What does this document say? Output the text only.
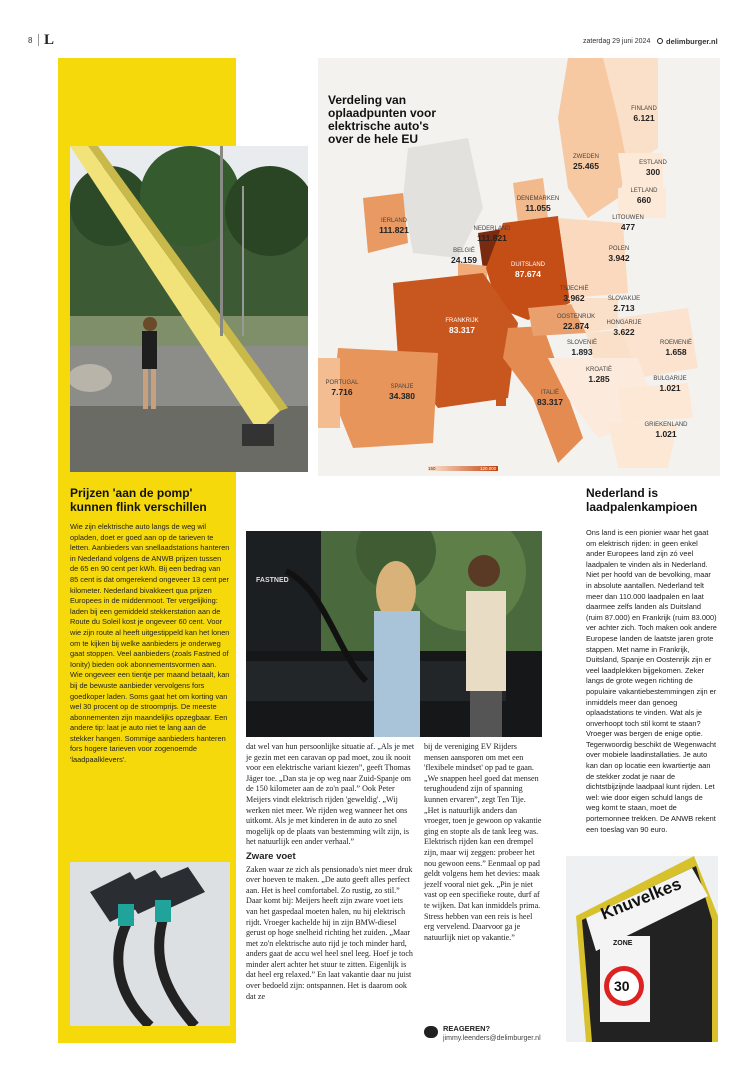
8 L	zaterdag 29 juni 2024 delimburger.nl
Verdeling van oplaadpunten voor elektrische auto's over de hele EU
FINLAND
6.121
ZWEDEN
25.465	ESTLAND
300
LETLAND
660
LITOUWEN
477
DENEMARKEN
11.055
IERLAND
111.821	NEDERLAND
111.821
BELGIË
24.159	DUITSLAND
87.674
POLEN
3.942
TSJECHIË
3.962	SLOVAKIJE
2.713
OOSTENRIJK
22.874	HONGARIJE
3.622
FRANKRIJK
83.317
SLOVENIË
1.893
ROEMENIË
1.658
KROATIË
1.285
PORTUGAL
7.716	SPANJE
34.380	ITALIË
83.317
BULGARIJE
1.021
GRIEKENLAND
1.021
150	120.000
Prijzen 'aan de pomp' kunnen flink verschillen
Wie zijn elektrische auto langs de weg wil opladen, doet er goed aan op de tarieven te letten. Aanbieders van snellaadstations hanteren in Nederland volgens de ANWB prijzen tussen de 65 en 90 cent per kWh. Bij een bedrag van 85 cent is dat omgerekend ongeveer 13 cent per kilometer. Nederland bivakkeert qua prijzen Europees in de middenmoot. Ter vergelijking: laden bij een gemiddeld stekkerstation aan de Route du Soleil kost je ongeveer 60 cent. Voor wie zijn route al heeft uitgestippeld kan het lonen om te kijken bij welke aanbieders je onderweg gaat stoppen. Veel aanbieders (zoals Fastned of Ionity) bieden ook abonnementsvormen aan. Wie ongeveer een tientje per maand betaalt, kan bij de bewuste aanbieder vervolgens fors goedkoper laden. Soms gaat het om korting van wel 30 procent op de stroomprijs. De meeste abonnementen zijn maandelijks opzegbaar. Een andere tip: laat je auto niet te lang aan de stekker hangen. Sommige aanbieders hanteren fors hogere tarieven voor zogenoemde 'laadpaalklevers'.
FASTNED

dat wel van hun persoonlijke situatie af. „Als je met je gezin met een caravan op pad moet, zou ik nooit voor een elektrische variant kiezen”, geeft Thomas Jäger toe. „Dan sta je op weg naar Zuid-Spanje om de 150 kilometer aan de zo'n paal.” Ook Peter Meijers vindt elektrisch rijden 'geweldig'. „Wij werken niet meer. We rijden weg wanneer het ons uitkomt. Als je met kinderen in de auto zo snel mogelijk op de plaats van bestemming wilt zijn, is het natuurlijk een ander verhaal.”

Zware voet

Zaken waar ze zich als pensionado's niet meer druk over hoeven te maken. „De auto geeft alles perfect aan. Het is heel comfortabel. Zo rustig, zo stil.” Daar komt bij: Meijers heeft zijn zware voet iets van het gaspedaal moeten halen, nu hij elektrisch rijdt. Vroeger kachelde hij in zijn BMW-diesel gerust op hoge snelheid richting het zuiden. „Maar met zo'n elektrische auto rijd je toch minder hard, anders gaat de accu wel heel snel leeg. Hoef je toch minder alert achter het stuur te zitten. Eigenlijk is dat heel erg relaxed.” En laat vakantie daar nu juist over bedoeld zijn: ontspannen. Het is daarom ook dat ze

bij de vereniging EV Rijders mensen aansporen om met een 'flexibele mindset' op pad te gaan. „We snappen heel goed dat mensen terughoudend zijn of spanning kunnen ervaren”, zegt Ten Tije. „Het is natuurlijk anders dan vroeger, toen je gewoon op vakantie ging en stopte als de tank leeg was. Elektrisch rijden kan een drempel zijn, maar wij zeggen: probeer het nou gewoon eens.” Eenmaal op pad geldt volgens hem het devies: maak jezelf vooral niet gek. „Pin je niet vast op een specifieke route, durf af te wijken. Dat kan inmiddels prima. Stress hebben van een reis is heel erg vervelend. Daarvoor ga je natuurlijk niet op vakantie.”
REAGEREN?
jimmy.leenders@delimburger.nl
Nederland is laadpalenkampioen
Ons land is een pionier waar het gaat om elektrisch rijden: in geen enkel ander Europees land zijn zó veel laadpalen te vinden als in Nederland. Niet per hoofd van de bevolking, maar in absolute aantallen. Nederland telt meer dan 110.000 laadpalen en laat daarmee zelfs landen als Duitsland (ruim 87.000) en Frankrijk (ruim 83.000) ver achter zich. Toch maken ook andere Europese landen de laatste jaren grote stappen. Met name in Frankrijk, Duitsland, Spanje en Oostenrijk zijn er veel laadplekken bijgekomen. Zeker langs de grote wegen richting de populaire vakantiebestemmingen zijn er inmiddels meer dan genoeg oplaadstations te vinden. Wat als je onverhoopt toch stil komt te staan? Vroeger was bergen de enige optie. Tegenwoordig beschikt de Wegenwacht over mobiele laadinstallaties. Je auto kan dan op locatie een kwartiertje aan de stekker zodat je naar de dichtstbijzijnde laadpaal kunt rijden. Let wel: wie door eigen schuld langs de weg komt te staan, moet de portemonnee trekken. De ANWB rekent een toeslag van 90 euro.
Knuvelkes
ZONE
30
